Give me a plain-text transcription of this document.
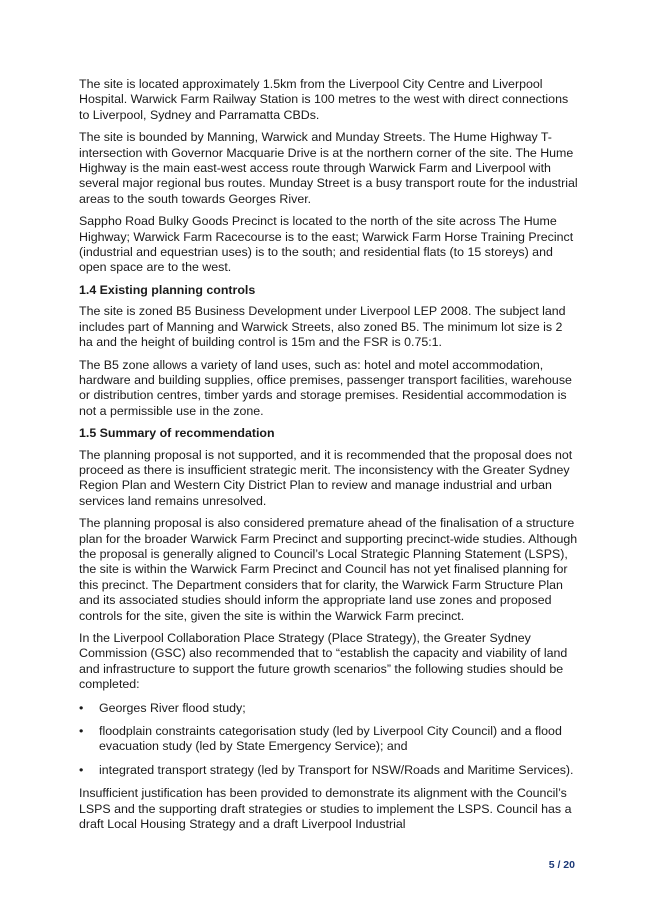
The site is located approximately 1.5km from the Liverpool City Centre and Liverpool Hospital. Warwick Farm Railway Station is 100 metres to the west with direct connections to Liverpool, Sydney and Parramatta CBDs.

The site is bounded by Manning, Warwick and Munday Streets. The Hume Highway T-intersection with Governor Macquarie Drive is at the northern corner of the site. The Hume Highway is the main east-west access route through Warwick Farm and Liverpool with several major regional bus routes. Munday Street is a busy transport route for the industrial areas to the south towards Georges River.

Sappho Road Bulky Goods Precinct is located to the north of the site across The Hume Highway; Warwick Farm Racecourse is to the east; Warwick Farm Horse Training Precinct (industrial and equestrian uses) is to the south; and residential flats (to 15 storeys) and open space are to the west.

1.4 Existing planning controls

The site is zoned B5 Business Development under Liverpool LEP 2008. The subject land includes part of Manning and Warwick Streets, also zoned B5. The minimum lot size is 2 ha and the height of building control is 15m and the FSR is 0.75:1.

The B5 zone allows a variety of land uses, such as: hotel and motel accommodation, hardware and building supplies, office premises, passenger transport facilities, warehouse or distribution centres, timber yards and storage premises. Residential accommodation is not a permissible use in the zone.

1.5 Summary of recommendation

The planning proposal is not supported, and it is recommended that the proposal does not proceed as there is insufficient strategic merit. The inconsistency with the Greater Sydney Region Plan and Western City District Plan to review and manage industrial and urban services land remains unresolved.

The planning proposal is also considered premature ahead of the finalisation of a structure plan for the broader Warwick Farm Precinct and supporting precinct-wide studies. Although the proposal is generally aligned to Council’s Local Strategic Planning Statement (LSPS), the site is within the Warwick Farm Precinct and Council has not yet finalised planning for this precinct. The Department considers that for clarity, the Warwick Farm Structure Plan and its associated studies should inform the appropriate land use zones and proposed controls for the site, given the site is within the Warwick Farm precinct.

In the Liverpool Collaboration Place Strategy (Place Strategy), the Greater Sydney Commission (GSC) also recommended that to “establish the capacity and viability of land and infrastructure to support the future growth scenarios” the following studies should be completed:

• Georges River flood study;
• floodplain constraints categorisation study (led by Liverpool City Council) and a flood evacuation study (led by State Emergency Service); and
• integrated transport strategy (led by Transport for NSW/Roads and Maritime Services).

Insufficient justification has been provided to demonstrate its alignment with the Council’s LSPS and the supporting draft strategies or studies to implement the LSPS. Council has a draft Local Housing Strategy and a draft Liverpool Industrial

5 / 20
